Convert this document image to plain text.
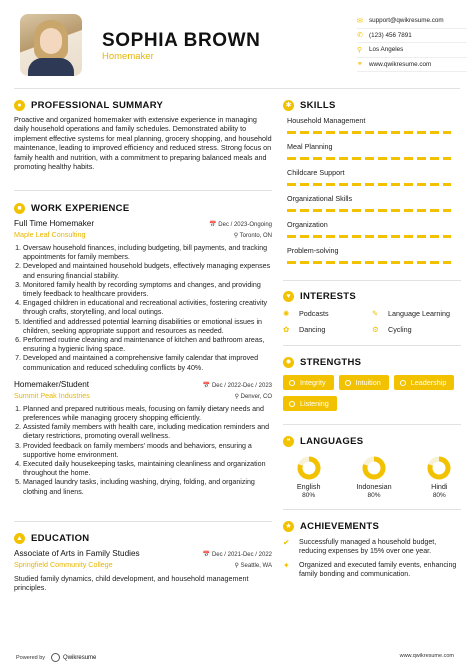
SOPHIA BROWN
Homemaker
✉ support@qwikresume.com
✆ (123) 456 7891
⚲	Los Angeles
⚭ www.qwikresume.com
● PROFESSIONAL SUMMARY

Proactive and organized homemaker with extensive experience in managing daily household operations and family schedules. Demonstrated ability to implement effective systems for meal planning, grocery shopping, and household maintenance, leading to improved efficiency and reduced stress. Strong focus on family health and nutrition, with a commitment to preparing balanced meals and promoting healthy habits.

■ WORK EXPERIENCE
Full Time Homemaker	📅 Dec / 2023-Ongoing
Maple Leaf Consulting	⚲ Toronto, ON
1. Oversaw household finances, including budgeting, bill payments, and tracking appointments for family members.
2. Developed and maintained household budgets, effectively managing expenses and ensuring financial stability.
3. Monitored family health by recording symptoms and changes, and providing timely feedback to healthcare providers.
4. Engaged children in educational and recreational activities, fostering creativity through crafts, storytelling, and local outings.
5. Identified and addressed potential learning disabilities or emotional issues in children, seeking appropriate support and resources as needed.
6. Performed routine cleaning and maintenance of kitchen and bathroom areas, ensuring a hygienic living space.
7. Developed and maintained a comprehensive family calendar that improved communication and reduced scheduling conflicts by 40%.
Homemaker/Student	📅 Dec / 2022-Dec / 2023
Summit Peak Industries	⚲ Denver, CO
1. Planned and prepared nutritious meals, focusing on family dietary needs and preferences while managing grocery shopping efficiently.
2. Assisted family members with health care, including medication reminders and dietary restrictions, promoting overall wellness.
3. Provided feedback on family members' moods and behaviors, ensuring a supportive home environment.
4. Executed daily housekeeping tasks, maintaining cleanliness and organization throughout the home.
5. Managed laundry tasks, including washing, drying, folding, and organizing clothing and linens.
▲ EDUCATION
Associate of Arts in Family Studies	📅 Dec / 2021-Dec / 2022
Springfield Community College	⚲ Seattle, WA

Studied family dynamics, child development, and household management principles.

✱ SKILLS
Household Management
Meal Planning
Childcare Support
Organizational Skills
Organization
Problem-solving
♥ INTERESTS
✺	Podcasts	✎	Language Learning
✿	Dancing	⚙	Cycling
✹ STRENGTHS
Integrity	Intuition	Leadership
Listening
❝	LANGUAGES
English
80%
Indonesian
80%
Hindi
80%
★ ACHIEVEMENTS
✔	Successfully managed a household budget, reducing expenses by 15% over one year.
✦	Organized and executed family events, enhancing family bonding and communication.
Powered by	Qwikresume	www.qwikresume.com
